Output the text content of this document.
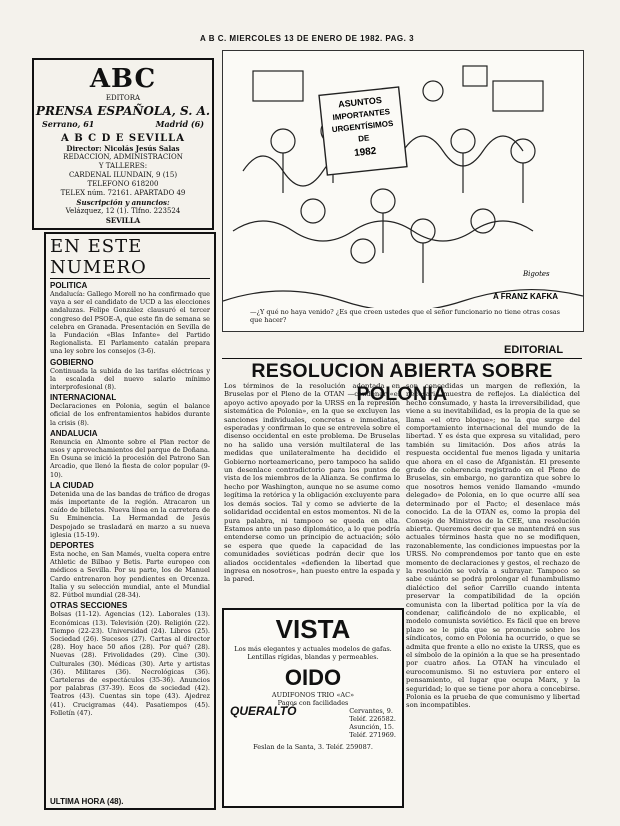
A B C. MIERCOLES 13 DE ENERO DE 1982. PAG. 3
ABC
EDITORA
PRENSA ESPAÑOLA, S. A.
Serrano, 61	Madrid (6)
A B C D E SEVILLA
Director: Nicolás Jesús Salas
REDACCION, ADMINISTRACION
Y TALLERES:
CARDENAL ILUNDAIN, 9 (15)
TELEFONO 618200
TELEX núm. 72161. APARTADO 49
Suscripción y anuncios:
Velázquez, 12 (1). Tlfno. 223524
SEVILLA
EN ESTE NUMERO
POLITICA
Andalucía: Gallego Morell no ha confirmado que vaya a ser el candidato de UCD a las elecciones andaluzas. Felipe González clausuró el tercer congreso del PSOE-A, que este fin de semana se celebra en Granada. Presentación en Sevilla de la Fundación «Blas Infante» del Partido Regionalista. El Parlamento catalán prepara una ley sobre los consejos (3-6).
GOBIERNO
Continuada la subida de las tarifas eléctricas y la escalada del nuevo salario mínimo interprofesional (8).
INTERNACIONAL
Declaraciones en Polonia, según el balance oficial de los enfrentamientos habidos durante la crisis (8).
ANDALUCIA
Renuncia en Almonte sobre el Plan rector de usos y aprovechamientos del parque de Doñana. En Osuna se inició la procesión del Patrono San Arcadio, que llenó la fiesta de color popular (9-10).
LA CIUDAD
Detenida una de las bandas de tráfico de drogas más importante de la región. Atracaron un caído de billetes. Nueva línea en la carretera de Su Eminencia. La Hermandad de Jesús Despojado se trasladará en marzo a su nueva iglesia (15-19).
DEPORTES
Esta noche, en San Mamés, vuelta copera entre Athletic de Bilbao y Betis. Parte europeo con médicos a Sevilla. Por su parte, los de Manuel Cardo entrenaron hoy pendientes en Orcenza. Italia y su selección mundial, ante el Mundial 82. Fútbol mundial (28-34).
OTRAS SECCIONES
Bolsas (11-12). Agencias (12). Laborales (13). Económicas (13). Televisión (20). Religión (22). Tiempo (22-23). Universidad (24). Libros (25). Sociedad (26). Sucesos (27). Cartas al director (28). Hoy hace 50 años (28). Por qué? (28). Nuevas (28). Frivolidades (29). Cine (30). Culturales (30). Médicas (30). Arte y artistas (36). Militares (36). Necrológicas (36). Carteleras de espectáculos (35-36). Anuncios por palabras (37-39). Ecos de sociedad (42). Teatros (43). Cuentas sin tope (43). Ajedrez (41). Crucigramas (44). Pasatiempos (45). Folletín (47).
ULTIMA HORA (48).
ASUNTOS
IMPORTANTES
URGENTÍSIMOS
DE
1982
Bigotes
A FRANZ KAFKA
—¿Y qué no haya venido? ¿Es que creen ustedes que el señor funcionario no tiene otras cosas que hacer?
EDITORIAL
RESOLUCION ABIERTA SOBRE POLONIA
Los términos de la resolución adoptada en Bruselas por el Pleno de la OTAN —condenar «el apoyo activo apoyado por la URSS en la represión sistemática de Polonia», en la que se excluyen las sanciones individuales, concretas e inmediatas, esperadas y confirman lo que se entrevela sobre el disenso occidental en este problema. De Bruselas no ha salido una versión multilateral de las medidas que unilateralmente ha decidido el Gobierno norteamericano, pero tampoco ha salido un desenlace contradictorio para los puntos de vista de los miembros de la Alianza. Se confirma lo hecho por Washington, aunque no se asume como legítima la retórica y la obligación excluyente para los demás socios. Tal y como se advierte de la solidaridad occidental en estos momentos. Ni de la pura palabra, ni tampoco se queda en ella. Estamos ante un paso diplomático, a lo que podría entenderse como un principio de actuación; sólo se espera que quede la capacidad de las comunidades soviéticas podrán decir que los aliados occidentales «defienden la libertad que ingresa en nosotros», han puesto entre la espada y la pared.
son concedidas un margen de reflexión, la necesaria muestra de reflejos. La dialéctica del hecho consumado, y hasta la irreversibilidad, que viene a su inevitabilidad, es la propia de la que se llama «el otro bloque»; no la que surge del comportamiento internacional del mundo de la libertad. Y es ésta que expresa su vitalidad, pero también su limitación. Dos años atrás la respuesta occidental fue menos ligada y unitaria que ahora en el caso de Afganistán. El presente grado de coherencia registrado en el Pleno de Bruselas, sin embargo, no garantiza que sobre lo que nosotros hemos venido llamando «mundo delegado» de Polonia, en lo que ocurre allí sea determinado por el Pacto; el desenlace más conocido. La de la OTAN es, como la propia del Consejo de Ministros de la CEE, una resolución abierta. Queremos decir que se mantendrá en sus actuales términos hasta que no se modifiquen, razonablemente, las condiciones impuestas por la URSS. No comprendemos por tanto que en este momento de declaraciones y gestos, el rechazo de la resolución se volvía a subrayar. Tampoco se sabe cuánto se podrá prolongar el funambulismo dialéctico del señor Carrillo cuando intenta preservar la compatibilidad de la opción comunista con la libertad política por la vía de condenar, calificándolo de no explicable, el modelo comunista soviético. Es fácil que en breve plazo se le pida que se pronuncie sobre los síndicatos, como en Polonia ha ocurrido, o que se admita que frente a ello no existe la URSS, que es el símbolo de la opinión a la que se ha presentado por cuatro años. La OTAN ha vinculado el eurocomunismo. Si no estuviera por entero el pensamiento, el lugar que ocupa Marx, y la seguridad; lo que se tiene por ahora a concebirse. Polonia es la prueba de que comunismo y libertad son incompatibles.
VISTA
Los más elegantes y actuales modelos de gafas. Lentillas rígidas, blandas y permeables.
OIDO
AUDIFONOS TRIO «AC»
Pagos con facilidades
QUERALTÓ	Cervantes, 9.
Teléf. 226582.
Asunción, 15.
Teléf. 271969.
Feslan de la Santa, 3. Teléf. 259087.
